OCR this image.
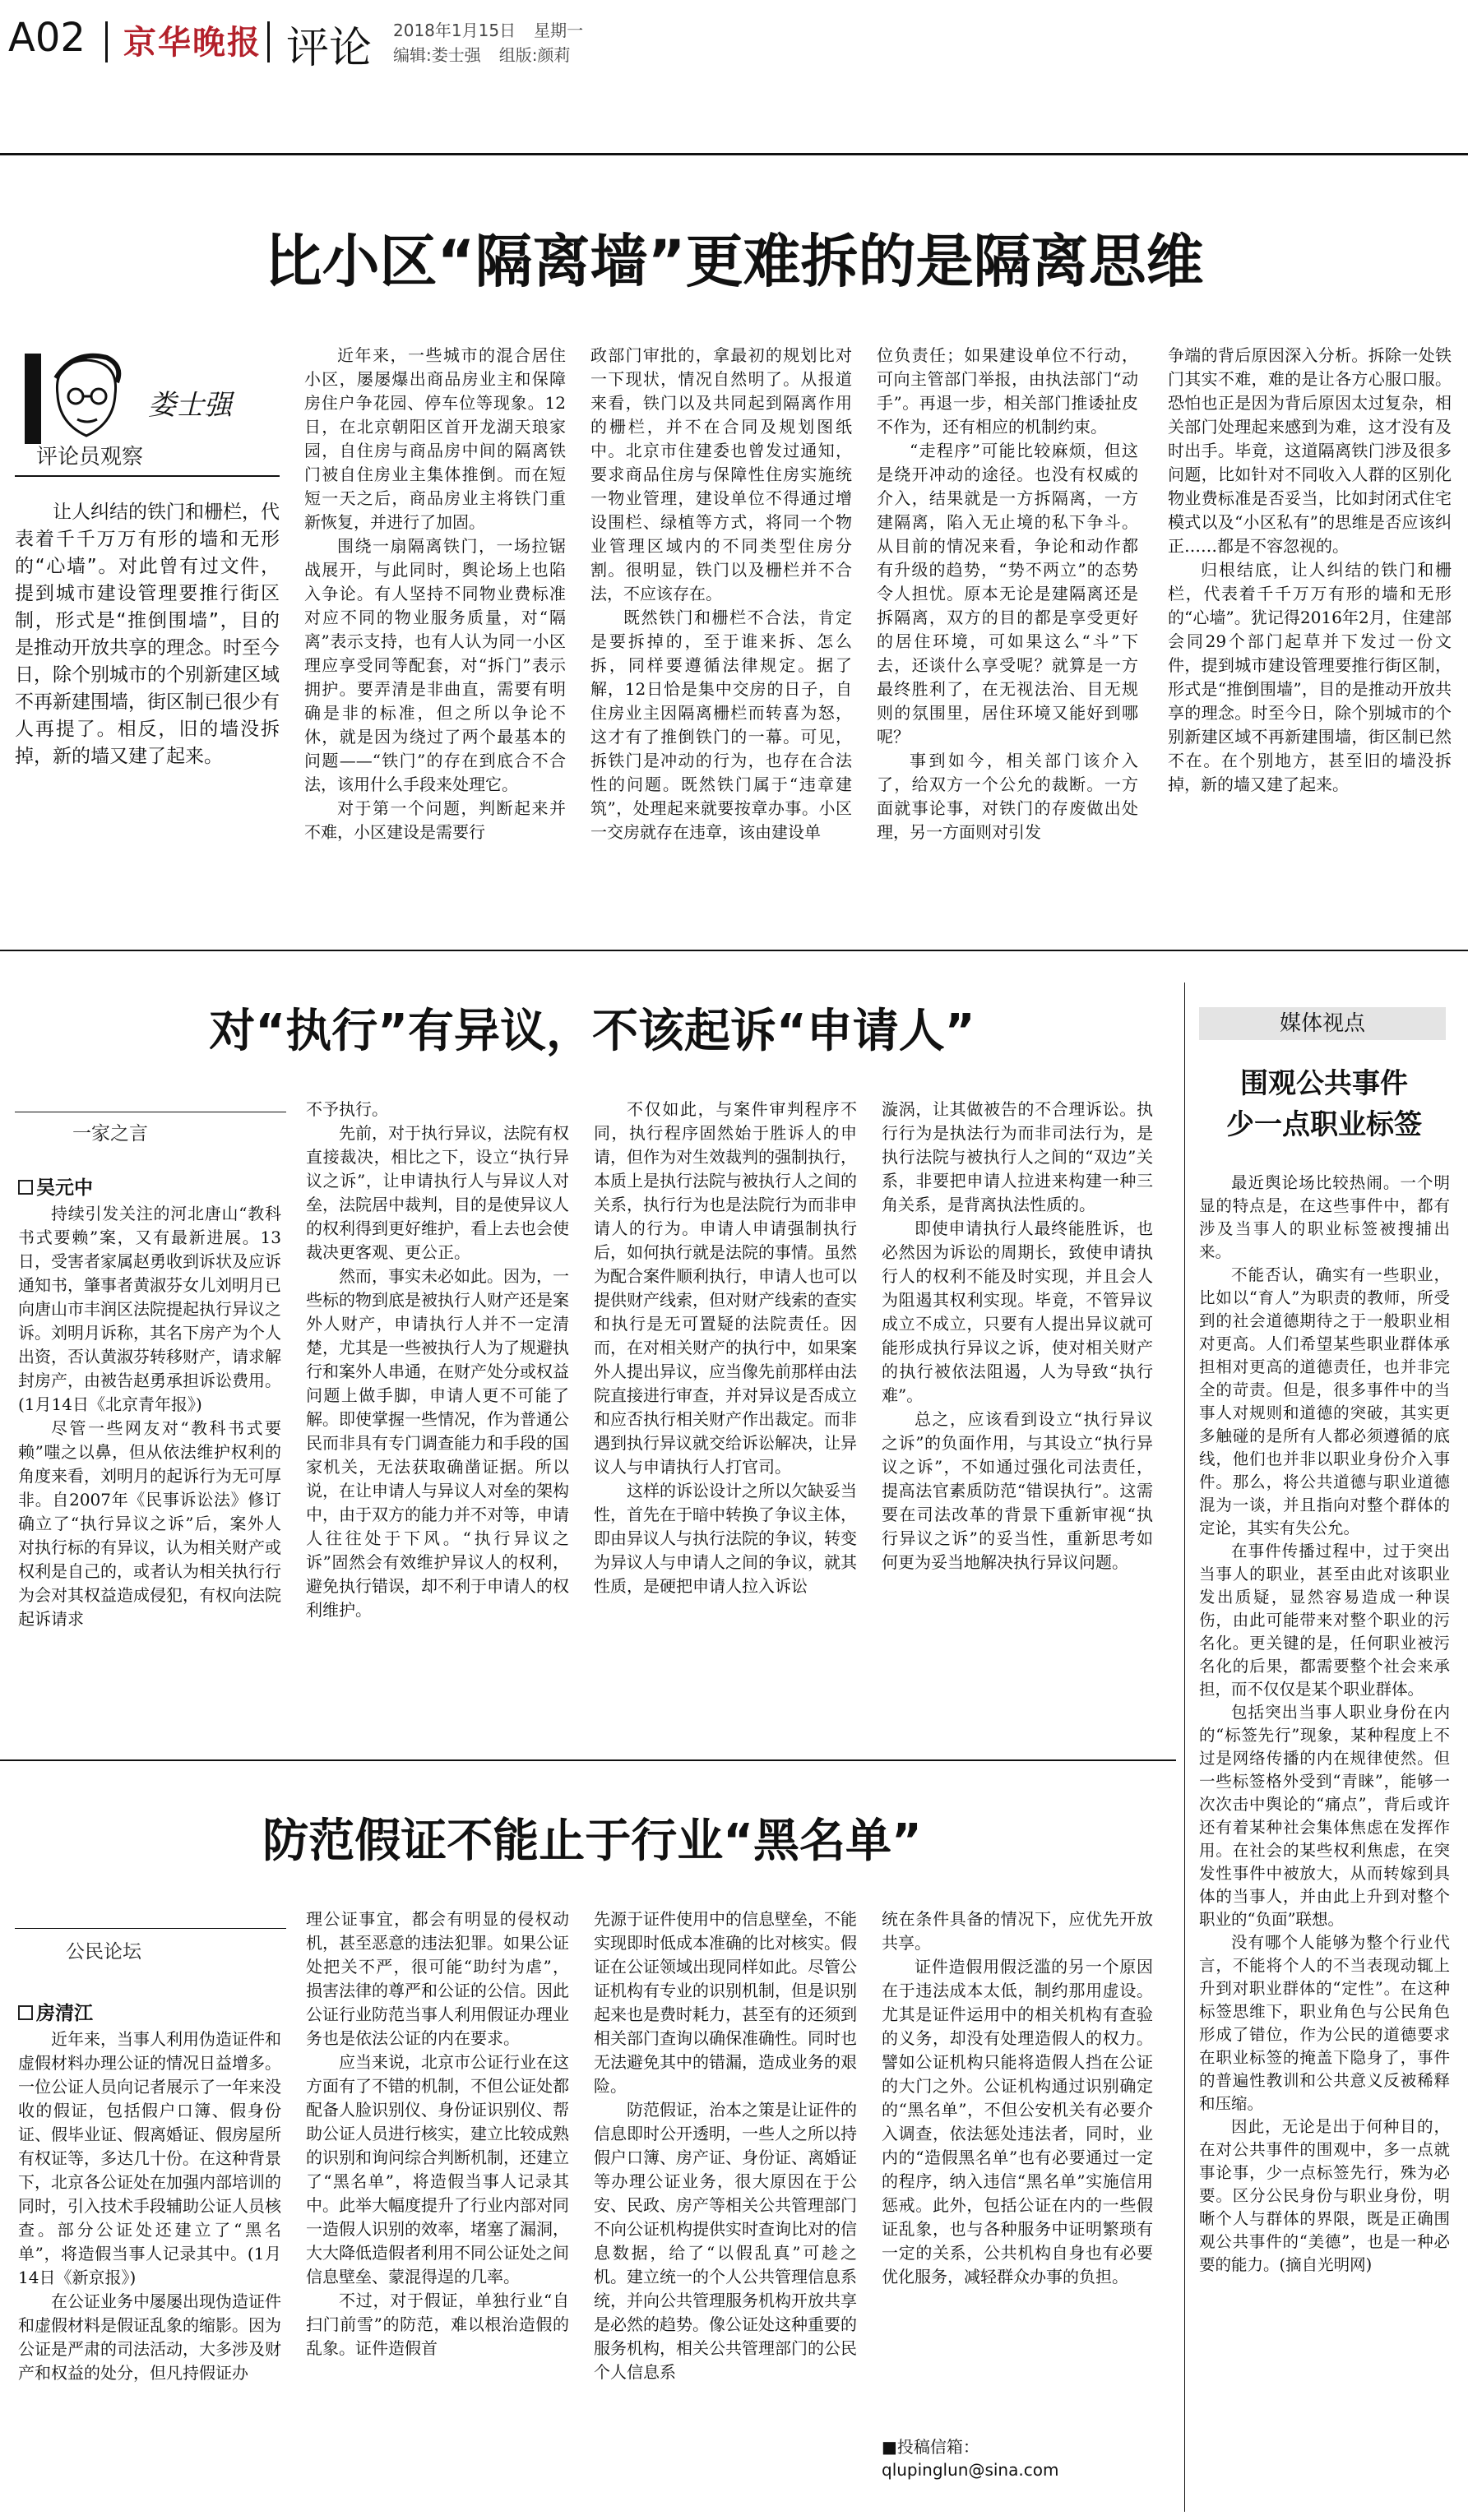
A02 京华晚报 评论 2018年1月15日 星期一
编辑:娄士强 组版:颜莉
比小区“隔离墙”更难拆的是隔离思维
娄士强
评论员观察

让人纠结的铁门和栅栏，代表着千千万万有形的墙和无形的“心墙”。对此曾有过文件，提到城市建设管理要推行街区制，形式是“推倒围墙”，目的是推动开放共享的理念。时至今日，除个别城市的个别新建区域不再新建围墙，街区制已很少有人再提了。相反，旧的墙没拆掉，新的墙又建了起来。

近年来，一些城市的混合居住小区，屡屡爆出商品房业主和保障房住户争花园、停车位等现象。12日，在北京朝阳区首开龙湖天琅家园，自住房与商品房中间的隔离铁门被自住房业主集体推倒。而在短短一天之后，商品房业主将铁门重新恢复，并进行了加固。

围绕一扇隔离铁门，一场拉锯战展开，与此同时，舆论场上也陷入争论。有人坚持不同物业费标准对应不同的物业服务质量，对“隔离”表示支持，也有人认为同一小区理应享受同等配套，对“拆门”表示拥护。要弄清是非曲直，需要有明确是非的标准，但之所以争论不休，就是因为绕过了两个最基本的问题——“铁门”的存在到底合不合法，该用什么手段来处理它。

对于第一个问题，判断起来并不难，小区建设是需要行

政部门审批的，拿最初的规划比对一下现状，情况自然明了。从报道来看，铁门以及共同起到隔离作用的栅栏，并不在合同及规划图纸中。北京市住建委也曾发过通知，要求商品住房与保障性住房实施统一物业管理，建设单位不得通过增设围栏、绿植等方式，将同一个物业管理区域内的不同类型住房分割。很明显，铁门以及栅栏并不合法，不应该存在。

既然铁门和栅栏不合法，肯定是要拆掉的，至于谁来拆、怎么拆，同样要遵循法律规定。据了解，12日恰是集中交房的日子，自住房业主因隔离栅栏而转喜为怒，这才有了推倒铁门的一幕。可见，拆铁门是冲动的行为，也存在合法性的问题。既然铁门属于“违章建筑”，处理起来就要按章办事。小区一交房就存在违章，该由建设单

位负责任；如果建设单位不行动，可向主管部门举报，由执法部门“动手”。再退一步，相关部门推诿扯皮不作为，还有相应的机制约束。

“走程序”可能比较麻烦，但这是绕开冲动的途径。也没有权威的介入，结果就是一方拆隔离，一方建隔离，陷入无止境的私下争斗。从目前的情况来看，争论和动作都有升级的趋势，“势不两立”的态势令人担忧。原本无论是建隔离还是拆隔离，双方的目的都是享受更好的居住环境，可如果这么“斗”下去，还谈什么享受呢？就算是一方最终胜利了，在无视法治、目无规则的氛围里，居住环境又能好到哪呢？

事到如今，相关部门该介入了，给双方一个公允的裁断。一方面就事论事，对铁门的存废做出处理，另一方面则对引发

争端的背后原因深入分析。拆除一处铁门其实不难，难的是让各方心服口服。恐怕也正是因为背后原因太过复杂，相关部门处理起来感到为难，这才没有及时出手。毕竟，这道隔离铁门涉及很多问题，比如针对不同收入人群的区别化物业费标准是否妥当，比如封闭式住宅模式以及“小区私有”的思维是否应该纠正……都是不容忽视的。

归根结底，让人纠结的铁门和栅栏，代表着千千万万有形的墙和无形的“心墙”。犹记得2016年2月，住建部会同29个部门起草并下发过一份文件，提到城市建设管理要推行街区制，形式是“推倒围墙”，目的是推动开放共享的理念。时至今日，除个别城市的个别新建区域不再新建围墙，街区制已然不在。在个别地方，甚至旧的墙没拆掉，新的墙又建了起来。

对“执行”有异议，不该起诉“申请人”
一家之言
吴元中

持续引发关注的河北唐山“教科书式要赖”案，又有最新进展。13日，受害者家属赵勇收到诉状及应诉通知书，肇事者黄淑芬女儿刘明月已向唐山市丰润区法院提起执行异议之诉。刘明月诉称，其名下房产为个人出资，否认黄淑芬转移财产，请求解封房产，由被告赵勇承担诉讼费用。(1月14日《北京青年报》)

尽管一些网友对“教科书式要赖”嗤之以鼻，但从依法维护权利的角度来看，刘明月的起诉行为无可厚非。自2007年《民事诉讼法》修订确立了“执行异议之诉”后，案外人对执行标的有异议，认为相关财产或权利是自己的，或者认为相关执行行为会对其权益造成侵犯，有权向法院起诉请求

不予执行。

先前，对于执行异议，法院有权直接裁决，相比之下，设立“执行异议之诉”，让申请执行人与异议人对垒，法院居中裁判，目的是使异议人的权利得到更好维护，看上去也会使裁决更客观、更公正。

然而，事实未必如此。因为，一些标的物到底是被执行人财产还是案外人财产，申请执行人并不一定清楚，尤其是一些被执行人为了规避执行和案外人串通，在财产处分或权益问题上做手脚，申请人更不可能了解。即使掌握一些情况，作为普通公民而非具有专门调查能力和手段的国家机关，无法获取确凿证据。所以说，在让申请人与异议人对垒的架构中，由于双方的能力并不对等，申请人往往处于下风。“执行异议之诉”固然会有效维护异议人的权利，避免执行错误，却不利于申请人的权利维护。

不仅如此，与案件审判程序不同，执行程序固然始于胜诉人的申请，但作为对生效裁判的强制执行，本质上是执行法院与被执行人之间的关系，执行行为也是法院行为而非申请人的行为。申请人申请强制执行后，如何执行就是法院的事情。虽然为配合案件顺利执行，申请人也可以提供财产线索，但对财产线索的查实和执行是无可置疑的法院责任。因而，在对相关财产的执行中，如果案外人提出异议，应当像先前那样由法院直接进行审查，并对异议是否成立和应否执行相关财产作出裁定。而非遇到执行异议就交给诉讼解决，让异议人与申请执行人打官司。

这样的诉讼设计之所以欠缺妥当性，首先在于暗中转换了争议主体，即由异议人与执行法院的争议，转变为异议人与申请人之间的争议，就其性质，是硬把申请人拉入诉讼

漩涡，让其做被告的不合理诉讼。执行行为是执法行为而非司法行为，是执行法院与被执行人之间的“双边”关系，非要把申请人拉进来构建一种三角关系，是背离执法性质的。

即使申请执行人最终能胜诉，也必然因为诉讼的周期长，致使申请执行人的权利不能及时实现，并且会人为阻遏其权利实现。毕竟，不管异议成立不成立，只要有人提出异议就可能形成执行异议之诉，使对相关财产的执行被依法阻遏，人为导致“执行难”。

总之，应该看到设立“执行异议之诉”的负面作用，与其设立“执行异议之诉”，不如通过强化司法责任，提高法官素质防范“错误执行”。这需要在司法改革的背景下重新审视“执行异议之诉”的妥当性，重新思考如何更为妥当地解决执行异议问题。

防范假证不能止于行业“黑名单”
公民论坛
房清江

近年来，当事人利用伪造证件和虚假材料办理公证的情况日益增多。一位公证人员向记者展示了一年来没收的假证，包括假户口簿、假身份证、假毕业证、假离婚证、假房屋所有权证等，多达几十份。在这种背景下，北京各公证处在加强内部培训的同时，引入技术手段辅助公证人员核查。部分公证处还建立了“黑名单”，将造假当事人记录其中。(1月14日《新京报》)

在公证业务中屡屡出现伪造证件和虚假材料是假证乱象的缩影。因为公证是严肃的司法活动，大多涉及财产和权益的处分，但凡持假证办

理公证事宜，都会有明显的侵权动机，甚至恶意的违法犯罪。如果公证处把关不严，很可能“助纣为虐”，损害法律的尊严和公证的公信。因此公证行业防范当事人利用假证办理业务也是依法公证的内在要求。

应当来说，北京市公证行业在这方面有了不错的机制，不但公证处都配备人脸识别仪、身份证识别仪、帮助公证人员进行核实，建立比较成熟的识别和询问综合判断机制，还建立了“黑名单”，将造假当事人记录其中。此举大幅度提升了行业内部对同一造假人识别的效率，堵塞了漏洞，大大降低造假者利用不同公证处之间信息壁垒、蒙混得逞的几率。

不过，对于假证，单独行业“自扫门前雪”的防范，难以根治造假的乱象。证件造假首

先源于证件使用中的信息壁垒，不能实现即时低成本准确的比对核实。假证在公证领域出现同样如此。尽管公证机构有专业的识别机制，但是识别起来也是费时耗力，甚至有的还须到相关部门查询以确保准确性。同时也无法避免其中的错漏，造成业务的艰险。

防范假证，治本之策是让证件的信息即时公开透明，一些人之所以持假户口簿、房产证、身份证、离婚证等办理公证业务，很大原因在于公安、民政、房产等相关公共管理部门不向公证机构提供实时查询比对的信息数据，给了“以假乱真”可趁之机。建立统一的个人公共管理信息系统，并向公共管理服务机构开放共享是必然的趋势。像公证处这种重要的服务机构，相关公共管理部门的公民个人信息系

统在条件具备的情况下，应优先开放共享。

证件造假用假泛滥的另一个原因在于违法成本太低，制约那用虚设。尤其是证件运用中的相关机构有查验的义务，却没有处理造假人的权力。譬如公证机构只能将造假人挡在公证的大门之外。公证机构通过识别确定的“黑名单”，不但公安机关有必要介入调查，依法惩处违法者，同时，业内的“造假黑名单”也有必要通过一定的程序，纳入违信“黑名单”实施信用惩戒。此外，包括公证在内的一些假证乱象，也与各种服务中证明繁琐有一定的关系，公共机构自身也有必要优化服务，减轻群众办事的负担。

■投稿信箱：
qlupinglun@sina.com
媒体视点
围观公共事件
少一点职业标签

最近舆论场比较热闹。一个明显的特点是，在这些事件中，都有涉及当事人的职业标签被搜捕出来。

不能否认，确实有一些职业，比如以“育人”为职责的教师，所受到的社会道德期待之于一般职业相对更高。人们希望某些职业群体承担相对更高的道德责任，也并非完全的苛责。但是，很多事件中的当事人对规则和道德的突破，其实更多触碰的是所有人都必须遵循的底线，他们也并非以职业身份介入事件。那么，将公共道德与职业道德混为一谈，并且指向对整个群体的定论，其实有失公允。

在事件传播过程中，过于突出当事人的职业，甚至由此对该职业发出质疑，显然容易造成一种误伤，由此可能带来对整个职业的污名化。更关键的是，任何职业被污名化的后果，都需要整个社会来承担，而不仅仅是某个职业群体。

包括突出当事人职业身份在内的“标签先行”现象，某种程度上不过是网络传播的内在规律使然。但一些标签格外受到“青睐”，能够一次次击中舆论的“痛点”，背后或许还有着某种社会集体焦虑在发挥作用。在社会的某些权利焦虑，在突发性事件中被放大，从而转嫁到具体的当事人，并由此上升到对整个职业的“负面”联想。

没有哪个人能够为整个行业代言，不能将个人的不当表现动辄上升到对职业群体的“定性”。在这种标签思维下，职业角色与公民角色形成了错位，作为公民的道德要求在职业标签的掩盖下隐身了，事件的普遍性教训和公共意义反被稀释和压缩。

因此，无论是出于何种目的，在对公共事件的围观中，多一点就事论事，少一点标签先行，殊为必要。区分公民身份与职业身份，明晰个人与群体的界限，既是正确围观公共事件的“美德”，也是一种必要的能力。(摘自光明网)
